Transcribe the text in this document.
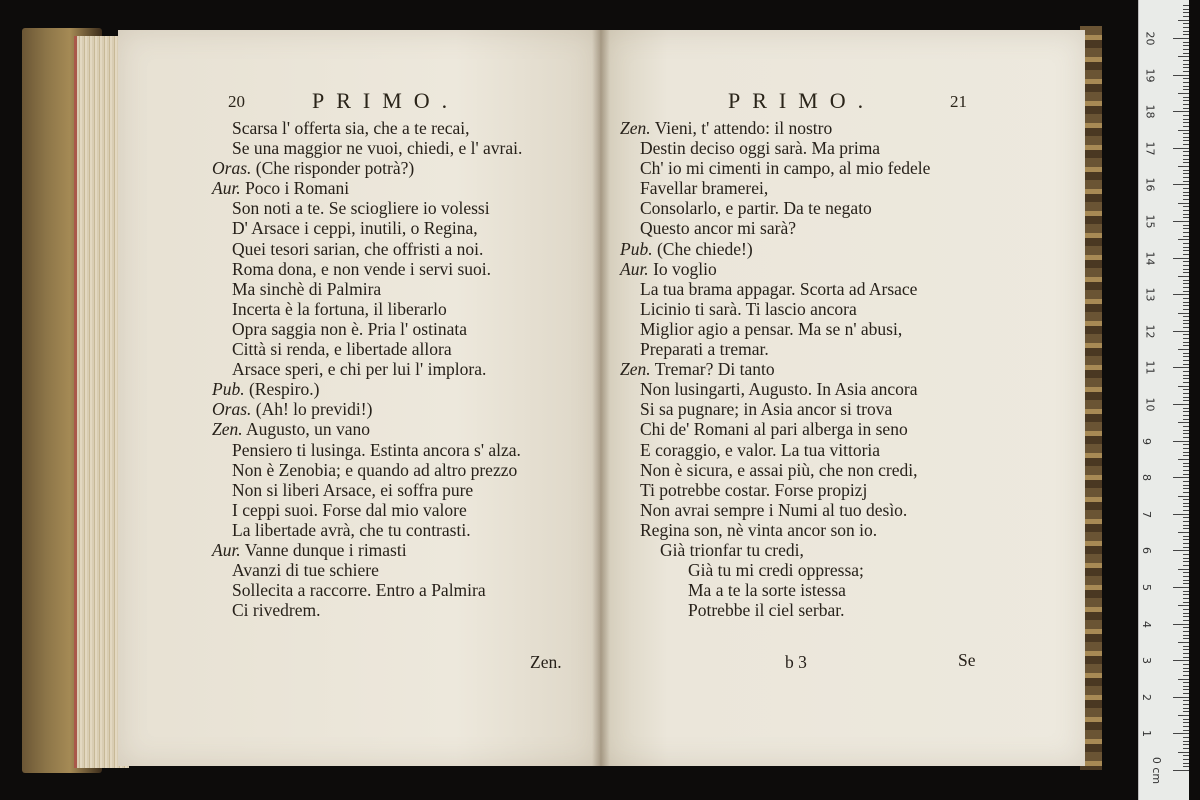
20	PRIMO.	PRIMO.	21
Scarsa l' offerta sia, che a te recai,
Se una maggior ne vuoi, chiedi, e l' avrai.
Oras. (Che risponder potrà?)
Aur. Poco i Romani
Son noti a te. Se sciogliere io volessi
D' Arsace i ceppi, inutili, o Regina,
Quei tesori sarian, che offristi a noi.
Roma dona, e non vende i servi suoi.
Ma sinchè di Palmira
Incerta è la fortuna, il liberarlo
Opra saggia non è. Pria l' ostinata
Città si renda, e libertade allora
Arsace speri, e chi per lui l' implora.
Pub. (Respiro.)
Oras. (Ah! lo previdi!)
Zen. Augusto, un vano
Pensiero ti lusinga. Estinta ancora s' alza.
Non è Zenobia; e quando ad altro prezzo
Non si liberi Arsace, ei soffra pure
I ceppi suoi. Forse dal mio valore
La libertade avrà, che tu contrasti.
Aur. Vanne dunque i rimasti
Avanzi di tue schiere
Sollecita a raccorre. Entro a Palmira
Ci rivedrem.
Zen. Vieni, t' attendo: il nostro
Destin deciso oggi sarà. Ma prima
Ch' io mi cimenti in campo, al mio fedele
Favellar bramerei,
Consolarlo, e partir. Da te negato
Questo ancor mi sarà?
Pub. (Che chiede!)
Aur. Io voglio
La tua brama appagar. Scorta ad Arsace
Licinio ti sarà. Ti lascio ancora
Miglior agio a pensar. Ma se n' abusi,
Preparati a tremar.
Zen. Tremar? Di tanto
Non lusingarti, Augusto. In Asia ancora
Si sa pugnare; in Asia ancor si trova
Chi de' Romani al pari alberga in seno
E coraggio, e valor. La tua vittoria
Non è sicura, e assai più, che non credi,
Ti potrebbe costar. Forse propizj
Non avrai sempre i Numi al tuo desìo.
Regina son, nè vinta ancor son io.
Già trionfar tu credi,
Già tu mi credi oppressa;
Ma a te la sorte istessa
Potrebbe il ciel serbar.
Zen.	b 3	Se
0 cm
1
2
3
4
5
6
7
8
9
10
11
12
13
14
15
16
17
18
19
20
